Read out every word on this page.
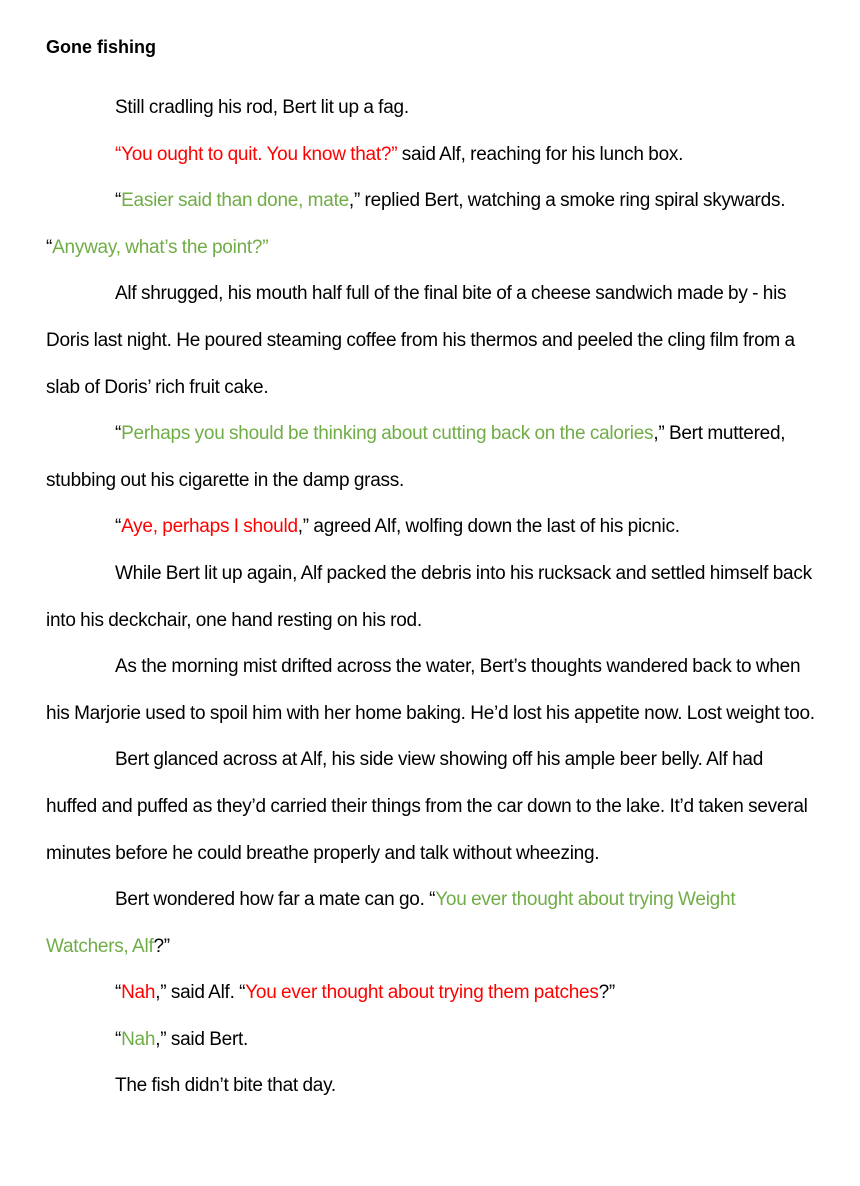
Gone fishing

Still cradling his rod, Bert lit up a fag.

“You ought to quit. You know that?” said Alf, reaching for his lunch box.

“Easier said than done, mate,” replied Bert, watching a smoke ring spiral skywards. “Anyway, what’s the point?”

Alf shrugged, his mouth half full of the final bite of a cheese sandwich made by - his Doris last night. He poured steaming coffee from his thermos and peeled the cling film from a slab of Doris’ rich fruit cake.

“Perhaps you should be thinking about cutting back on the calories,” Bert muttered, stubbing out his cigarette in the damp grass.

“Aye, perhaps I should,” agreed Alf, wolfing down the last of his picnic.

While Bert lit up again, Alf packed the debris into his rucksack and settled himself back into his deckchair, one hand resting on his rod.

As the morning mist drifted across the water, Bert’s thoughts wandered back to when his Marjorie used to spoil him with her home baking. He’d lost his appetite now. Lost weight too.

Bert glanced across at Alf, his side view showing off his ample beer belly. Alf had huffed and puffed as they’d carried their things from the car down to the lake. It’d taken several minutes before he could breathe properly and talk without wheezing.

Bert wondered how far a mate can go. “You ever thought about trying Weight Watchers, Alf?”

“Nah,” said Alf. “You ever thought about trying them patches?”

“Nah,” said Bert.

The fish didn’t bite that day.
